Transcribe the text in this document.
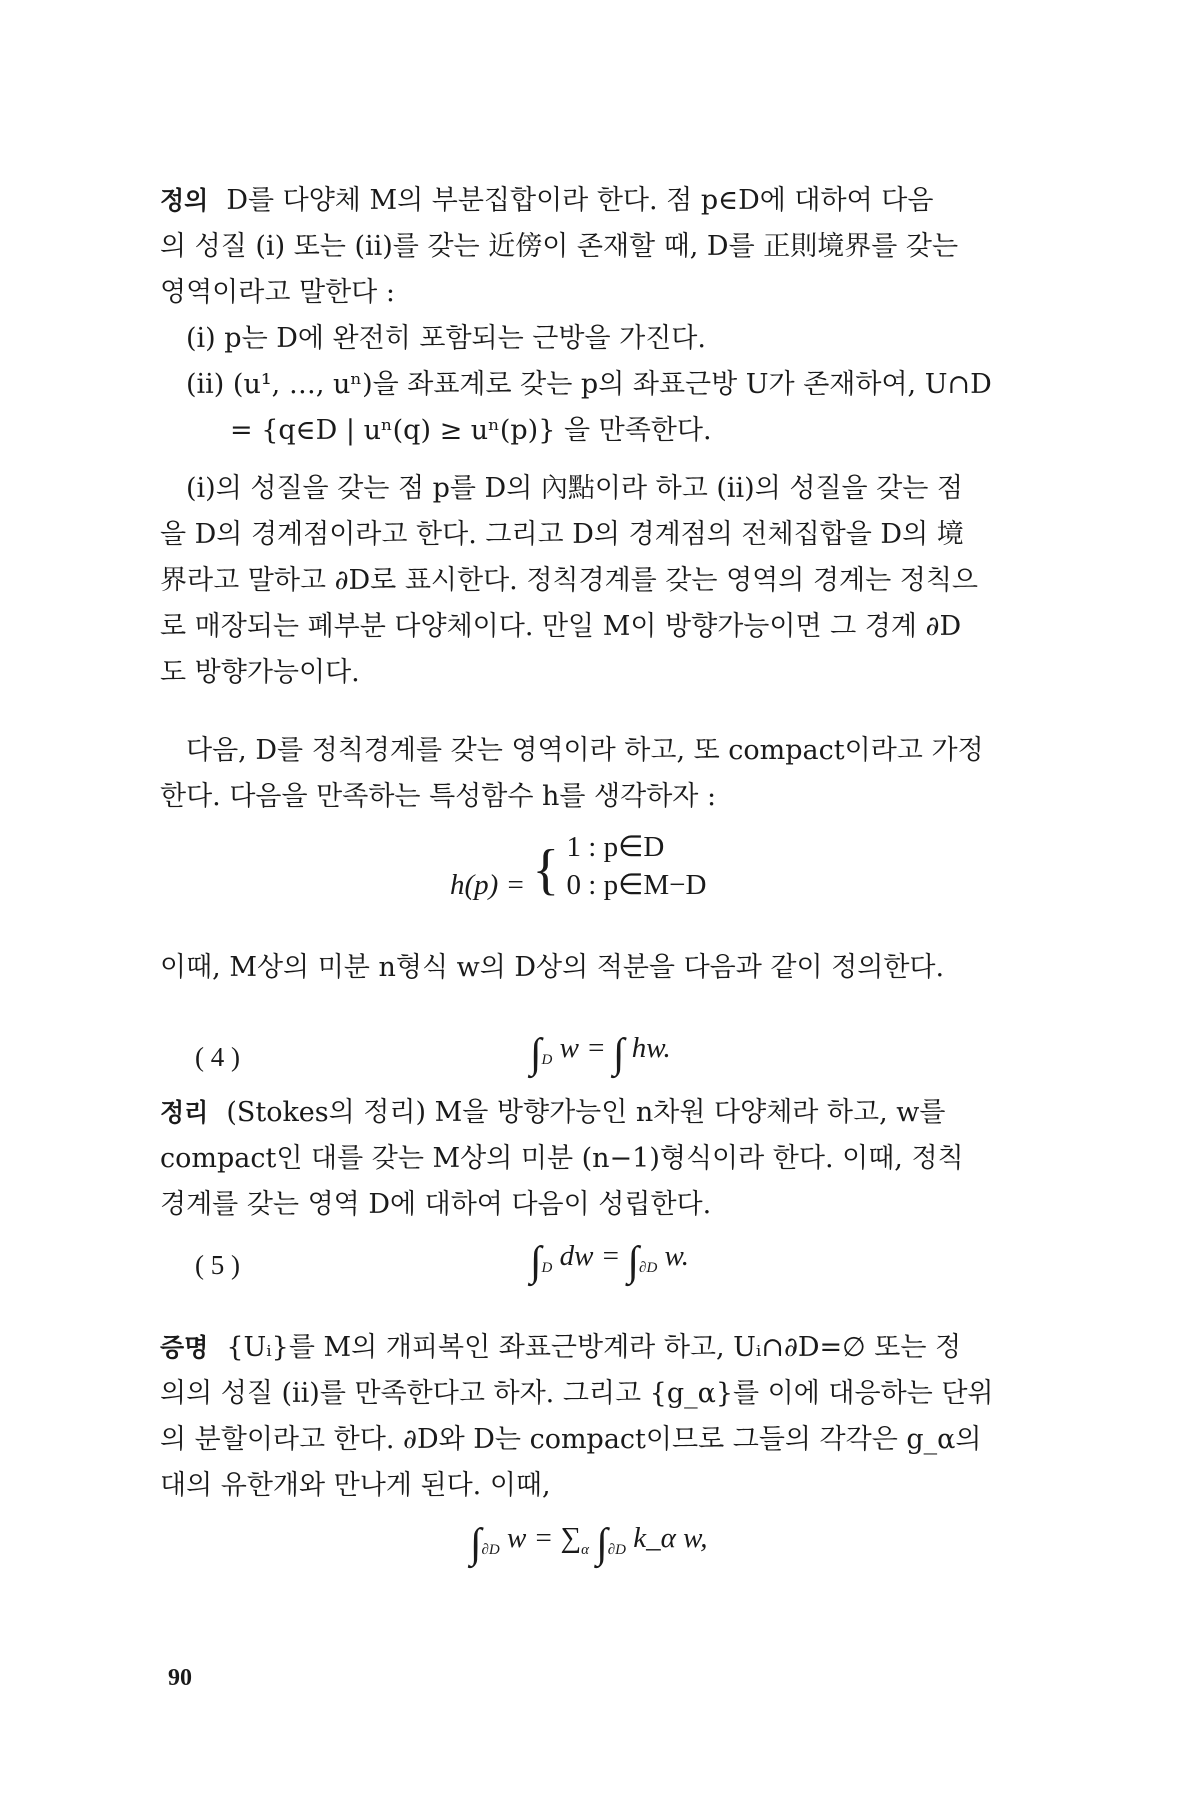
정의 D를 다양체 M의 부분집합이라 한다. 점 p∈D에 대하여 다음
의 성질 (i) 또는 (ii)를 갖는 近傍이 존재할 때, D를 正則境界를 갖는
영역이라고 말한다 :
(i) p는 D에 완전히 포함되는 근방을 가진다.
(ii) (u¹, …, uⁿ)을 좌표계로 갖는 p의 좌표근방 U가 존재하여, U∩D
= {q∈D | uⁿ(q) ≥ uⁿ(p)} 을 만족한다.
(i)의 성질을 갖는 점 p를 D의 內點이라 하고 (ii)의 성질을 갖는 점
을 D의 경계점이라고 한다. 그리고 D의 경계점의 전체집합을 D의 境
界라고 말하고 ∂D로 표시한다. 정칙경계를 갖는 영역의 경계는 정칙으
로 매장되는 폐부분 다양체이다. 만일 M이 방향가능이면 그 경계 ∂D
도 방향가능이다.
다음, D를 정칙경계를 갖는 영역이라 하고, 또 compact이라고 가정
한다. 다음을 만족하는 특성함수 h를 생각하자 :
h(p) = { 1 : p∈D
0 : p∈M−D
이때, M상의 미분 n형식 w의 D상의 적분을 다음과 같이 정의한다.
( 4 )	$\int_D$ w = ∫ hw.
정리 (Stokes의 정리) M을 방향가능인 n차원 다양체라 하고, w를
compact인 대를 갖는 M상의 미분 (n−1)형식이라 한다. 이때, 정칙
경계를 갖는 영역 D에 대하여 다음이 성립한다.
( 5 )	$\int_D$ dw = $\int_{\partial D}$ w.
증명 {Uᵢ}를 M의 개피복인 좌표근방계라 하고, Uᵢ∩∂D=∅ 또는 정
의의 성질 (ii)를 만족한다고 하자. 그리고 {g_α}를 이에 대응하는 단위
의 분할이라고 한다. ∂D와 D는 compact이므로 그들의 각각은 g_α의
대의 유한개와 만나게 된다. 이때,
$\int_{\partial D}$ $w = \sum_\alpha$ $\int_{\partial D}$ k_α w,
90
